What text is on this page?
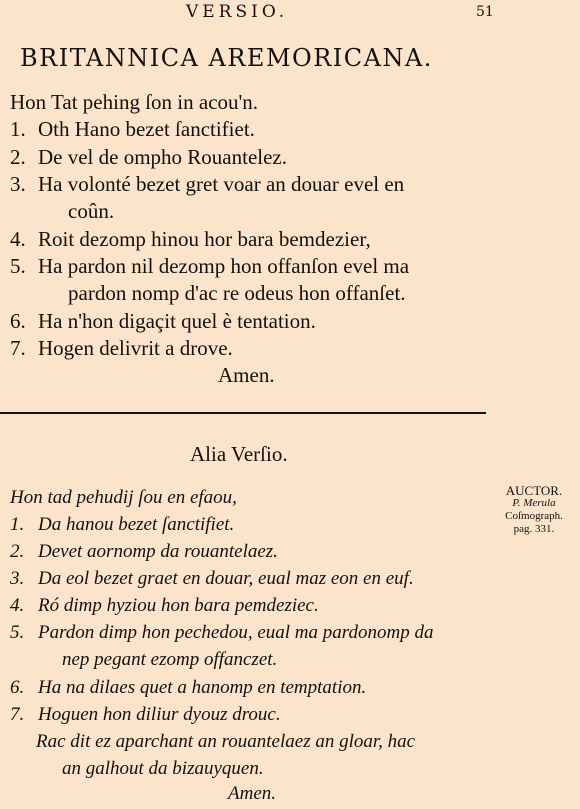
VERSIO.	51
BRITANNICA AREMORICANA.
Hon Tat pehing ſon in acou'n.
1. Oth Hano bezet ſanctifiet.
2. De vel de ompho Rouantelez.
3. Ha volonté bezet gret voar an douar evel en
coûn.
4. Roit dezomp hinou hor bara bemdezier,
5. Ha pardon nil dezomp hon offanſon evel ma
pardon nomp d'ac re odeus hon offanſet.
6. Ha n'hon digaçit quel è tentation.
7. Hogen delivrit a drove.
Amen.
Alia Verſio.
AUCTOR.
P. Merula
Coſmograph.
pag. 331.
Hon tad pehudij ſou en efaou,
1. Da hanou bezet ſanctifiet.
2. Devet aornomp da rouantelaez.
3. Da eol bezet graet en douar, eual maz eon en euf.
4. Ró dimp hyziou hon bara pemdeziec.
5. Pardon dimp hon pechedou, eual ma pardonomp da
nep pegant ezomp offanczet.
6. Ha na dilaes quet a hanomp en temptation.
7. Hoguen hon diliur dyouz drouc.
Rac dit ez aparchant an rouantelaez an gloar, hac
an galhout da bizauyquen.
Amen.
